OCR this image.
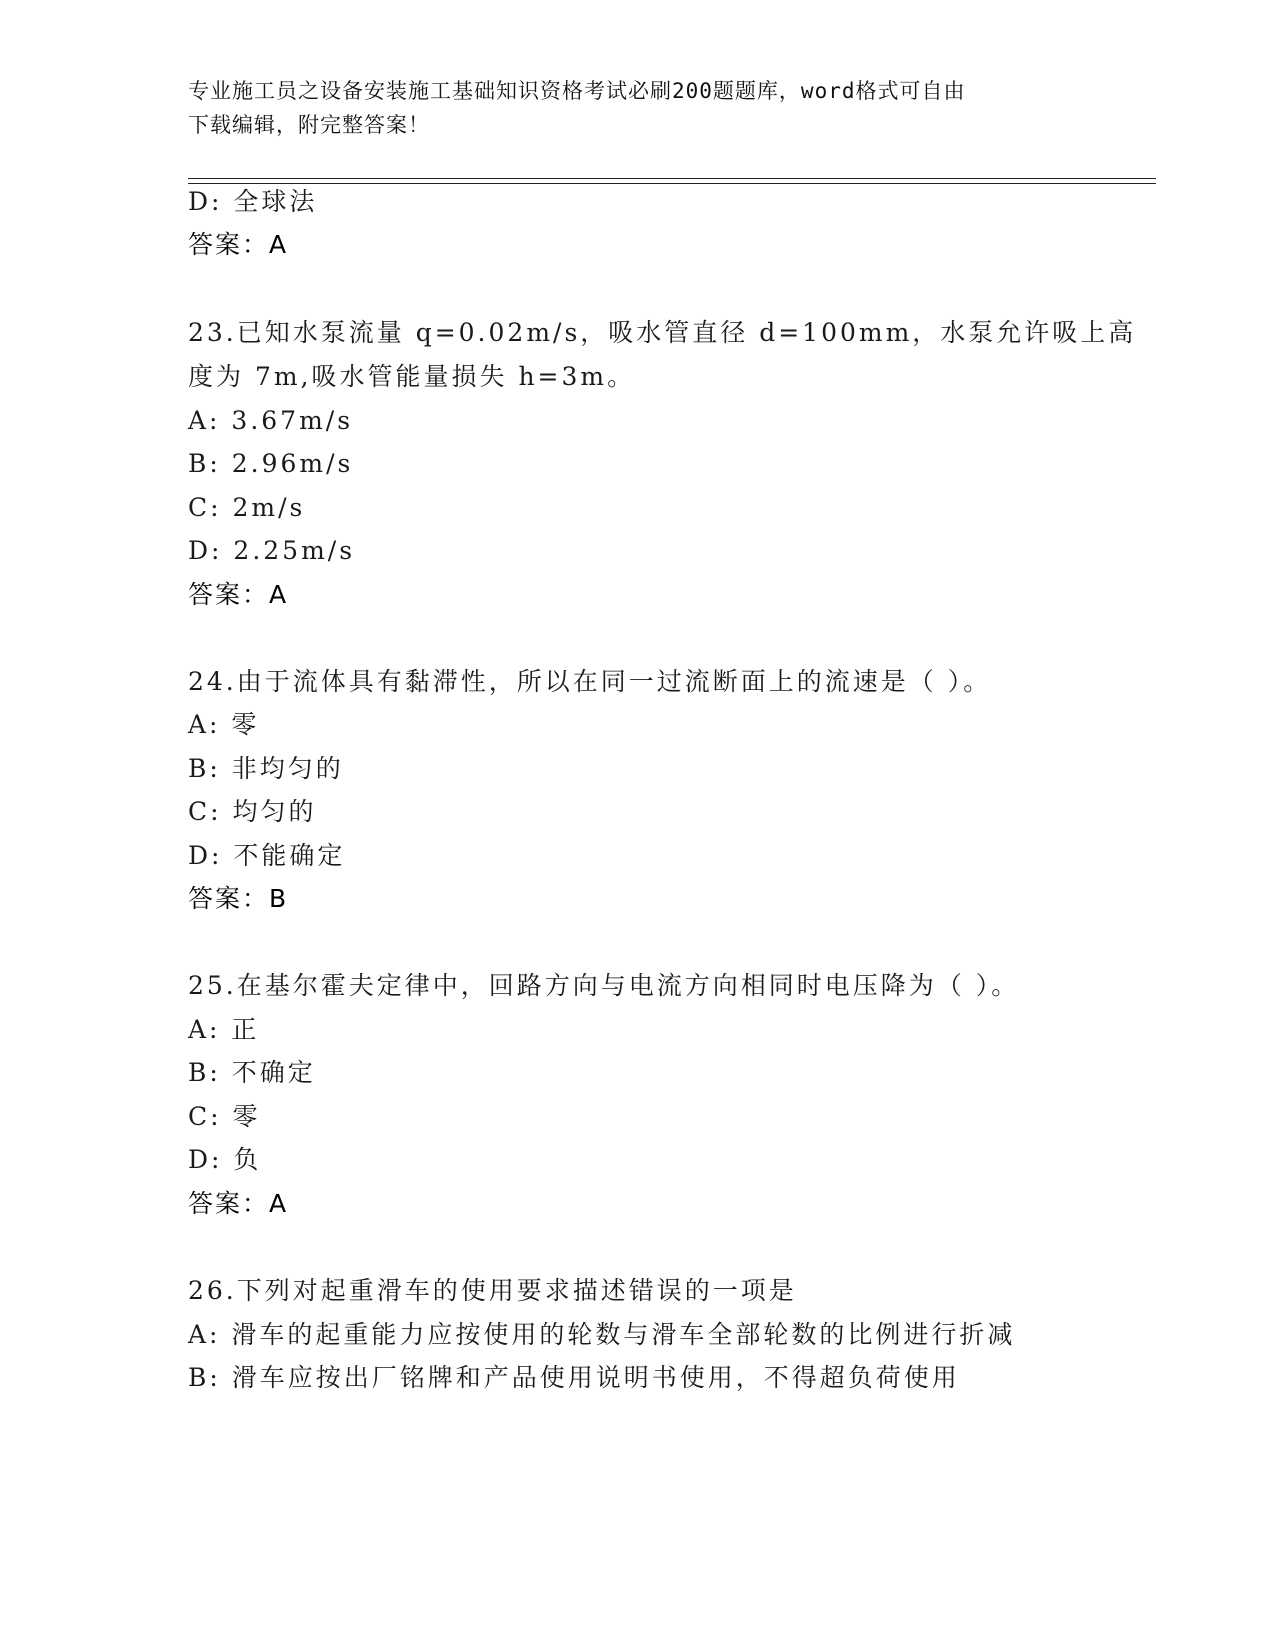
专业施工员之设备安装施工基础知识资格考试必刷200题题库，word格式可自由
下载编辑，附完整答案！
D: 全球法
答案：A
23.已知水泵流量 q=0.02m/s，吸水管直径 d=100mm，水泵允许吸上高
度为 7m,吸水管能量损失 h=3m。
A: 3.67m/s
B: 2.96m/s
C: 2m/s
D: 2.25m/s
答案：A
24.由于流体具有黏滞性，所以在同一过流断面上的流速是（ ）。
A: 零
B: 非均匀的
C: 均匀的
D: 不能确定
答案：B
25.在基尔霍夫定律中，回路方向与电流方向相同时电压降为（ ）。
A: 正
B: 不确定
C: 零
D: 负
答案：A
26.下列对起重滑车的使用要求描述错误的一项是
A: 滑车的起重能力应按使用的轮数与滑车全部轮数的比例进行折减
B: 滑车应按出厂铭牌和产品使用说明书使用，不得超负荷使用
